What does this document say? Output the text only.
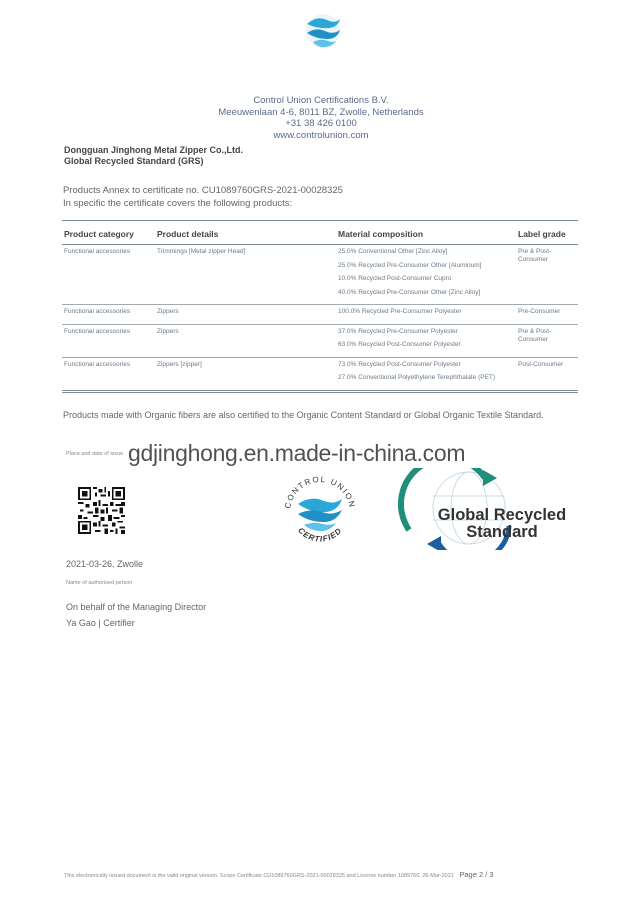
Control Union Certifications B.V.
Meeuwenlaan 4-6, 8011 BZ, Zwolle, Netherlands
+31 38 426 0100
www.controlunion.com
Dongguan Jinghong Metal Zipper Co.,Ltd.
Global Recycled Standard (GRS)
Products Annex to certificate no. CU1089760GRS-2021-00028325
In specific the certificate covers the following products:
Product category	Product details	Material composition	Label grade
Functional accessories	Trimmings [Metal zipper Head]	25.0% Conventional Other [Zinc Alloy]
25.0% Recycled Pre-Consumer Other [Aluminum]
10.0% Recycled Post-Consumer Cupro
40.0% Recycled Pre-Consumer Other [Zinc Alloy]	Pre & Post-Consumer
Functional accessories	Zippers	100.0% Recycled Pre-Consumer Polyester	Pre-Consumer
Functional accessories	Zippers	37.0% Recycled Pre-Consumer Polyester
63.0% Recycled Post-Consumer Polyester	Pre & Post-Consumer
Functional accessories	Zippers [zipper]	73.0% Recycled Post-Consumer Polyester
27.0% Conventional Polyethylene Terephthalate (PET)	Post-Consumer
Products made with Organic fibers are also certified to the Organic Content Standard or Global Organic Textile Standard.
Place and date of issue gdjinghong.en.made-in-china.com
2021-03-26, Zwolle
Name of authorised person
On behalf of the Managing Director
Ya Gao | Certifier
CONTROL UNION
CERTIFIED
Global Recycled
Standard
This electronically issued document is the valid original version. Scope Certificate CU1089760GRS-2021-00028325 and License number 1089760, 26-Mar-2021 Page 2 / 3
